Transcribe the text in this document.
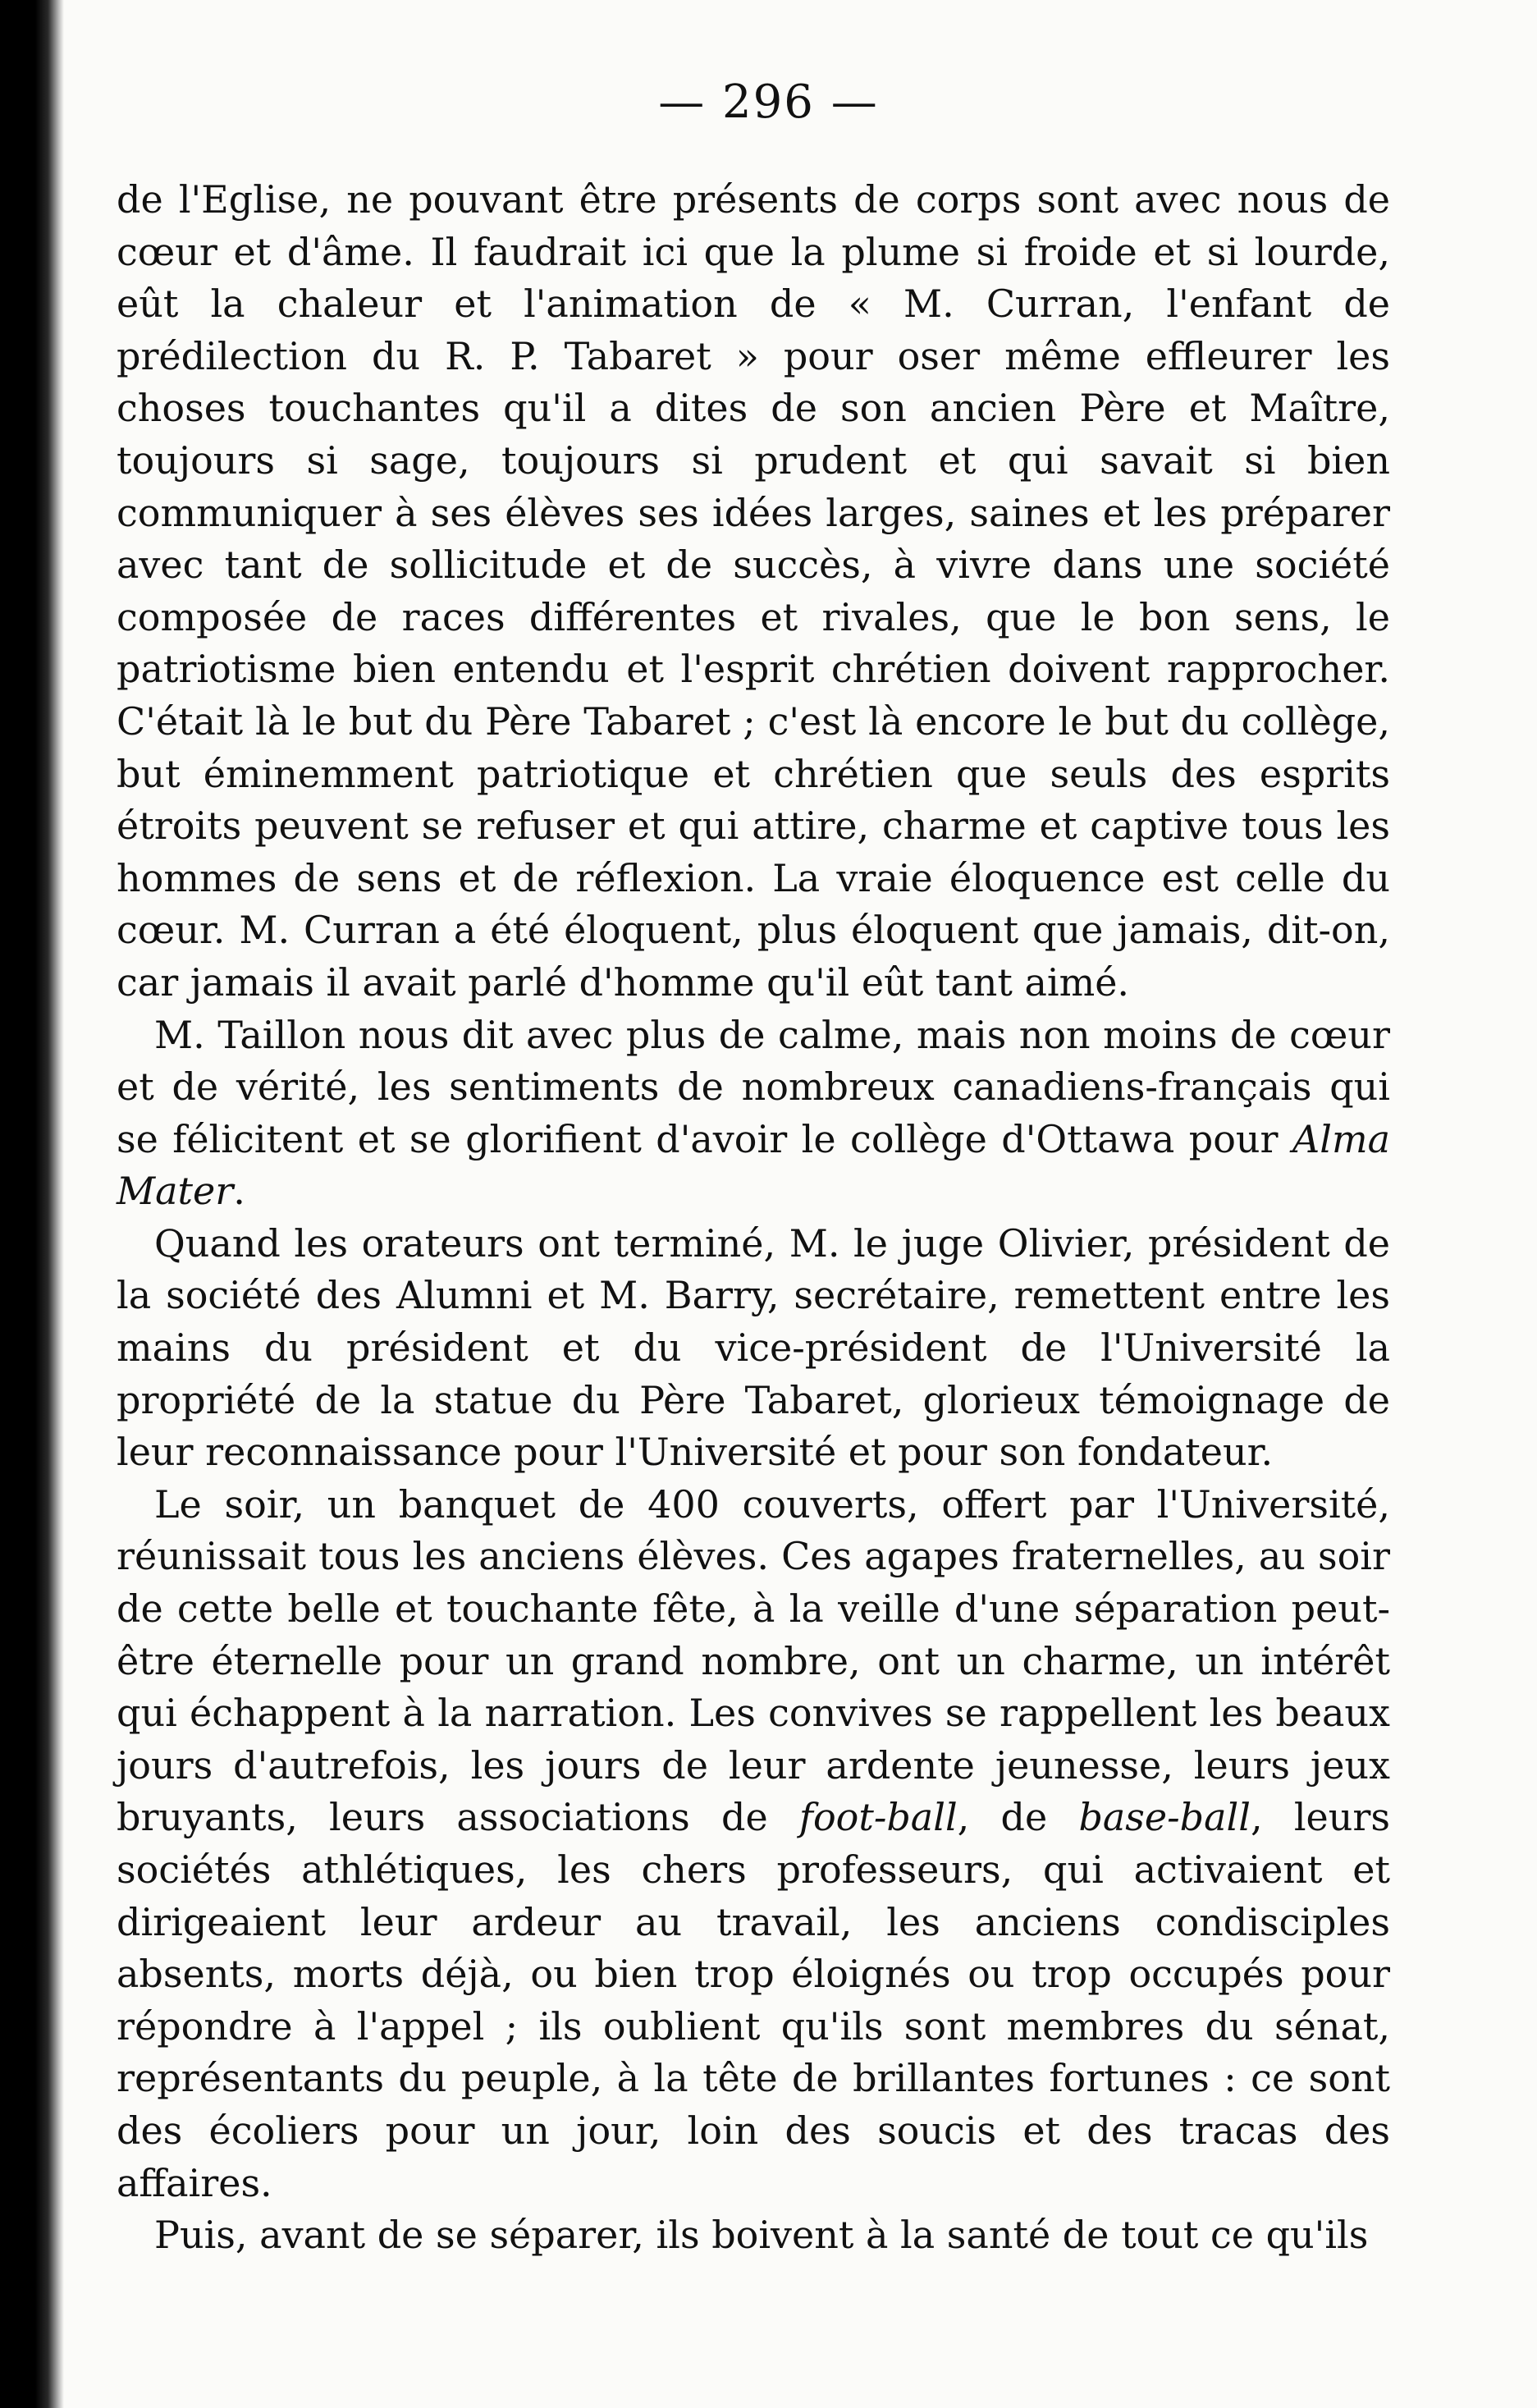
— 296 —

de l'Eglise, ne pouvant être présents de corps sont avec nous de cœur et d'âme. Il faudrait ici que la plume si froide et si lourde, eût la chaleur et l'animation de « M. Curran, l'enfant de prédilection du R. P. Tabaret » pour oser même effleurer les choses touchantes qu'il a dites de son ancien Père et Maître, toujours si sage, toujours si prudent et qui savait si bien communiquer à ses élèves ses idées larges, saines et les préparer avec tant de sollicitude et de succès, à vivre dans une société composée de races différentes et rivales, que le bon sens, le patriotisme bien entendu et l'esprit chrétien doivent rapprocher. C'était là le but du Père Tabaret ; c'est là encore le but du collège, but éminemment patriotique et chrétien que seuls des esprits étroits peuvent se refuser et qui attire, charme et captive tous les hommes de sens et de réflexion. La vraie éloquence est celle du cœur. M. Curran a été éloquent, plus éloquent que jamais, dit-on, car jamais il avait parlé d'homme qu'il eût tant aimé.

M. Taillon nous dit avec plus de calme, mais non moins de cœur et de vérité, les sentiments de nombreux canadiens-français qui se félicitent et se glorifient d'avoir le collège d'Ottawa pour Alma Mater.

Quand les orateurs ont terminé, M. le juge Olivier, président de la société des Alumni et M. Barry, secrétaire, remettent entre les mains du président et du vice-président de l'Université la propriété de la statue du Père Tabaret, glorieux témoignage de leur reconnaissance pour l'Université et pour son fondateur.

Le soir, un banquet de 400 couverts, offert par l'Université, réunissait tous les anciens élèves. Ces agapes fraternelles, au soir de cette belle et touchante fête, à la veille d'une séparation peut-être éternelle pour un grand nombre, ont un charme, un intérêt qui échappent à la narration. Les convives se rappellent les beaux jours d'autrefois, les jours de leur ardente jeunesse, leurs jeux bruyants, leurs associations de foot-ball, de base-ball, leurs sociétés athlétiques, les chers professeurs, qui activaient et dirigeaient leur ardeur au travail, les anciens condisciples absents, morts déjà, ou bien trop éloignés ou trop occupés pour répondre à l'appel ; ils oublient qu'ils sont membres du sénat, représentants du peuple, à la tête de brillantes fortunes : ce sont des écoliers pour un jour, loin des soucis et des tracas des affaires.

Puis, avant de se séparer, ils boivent à la santé de tout ce qu'ils
